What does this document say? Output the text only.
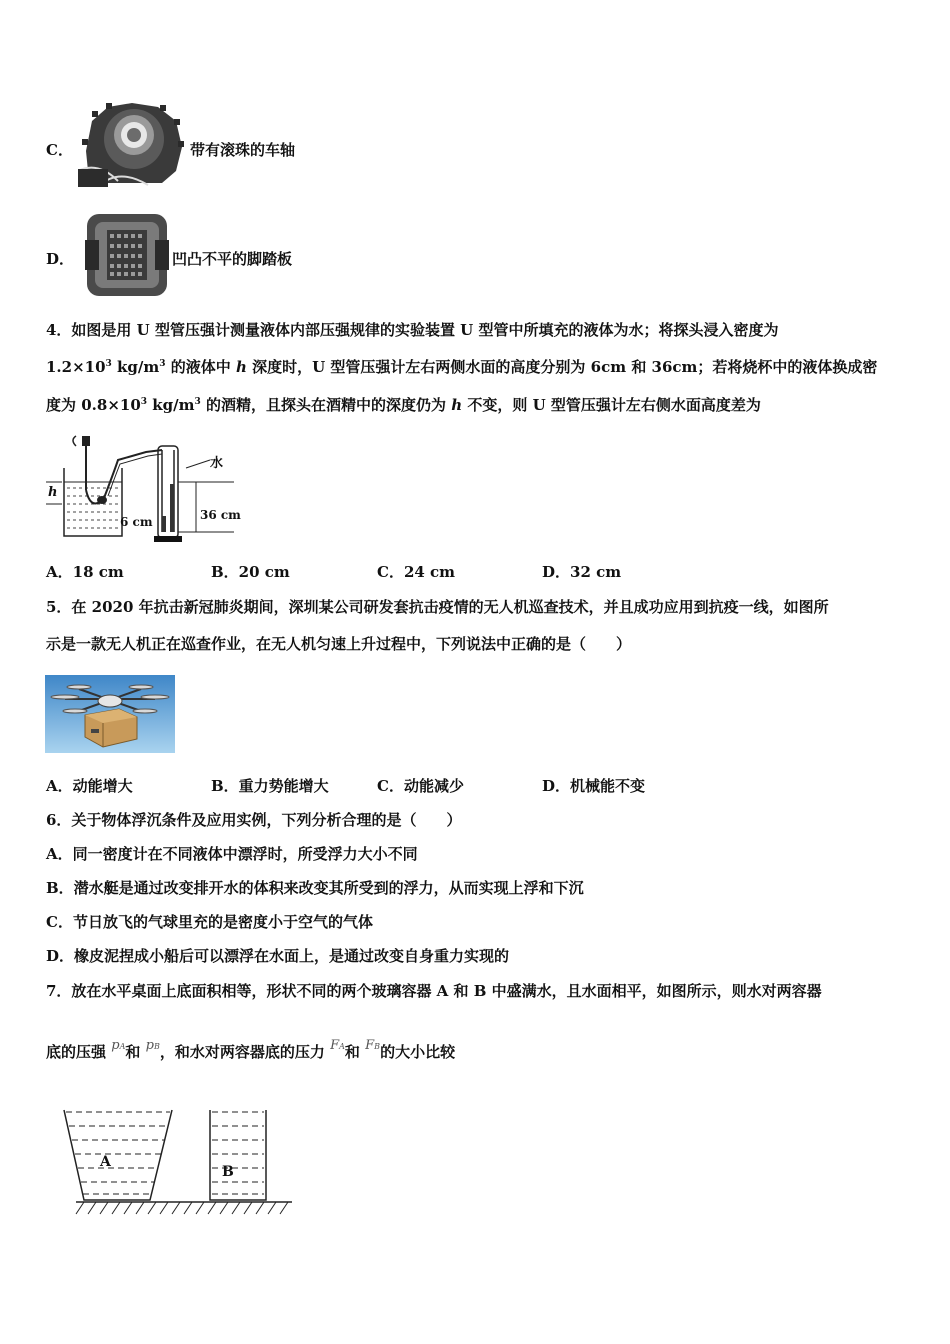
C．	带有滚珠的车轴
D．	凹凸不平的脚踏板
4．如图是用 U 型管压强计测量液体内部压强规律的实验装置 U 型管中所填充的液体为水；将探头浸入密度为
$1.2\times 10^3$ $kg/m^3$ 的液体中 h 深度时，U 型管压强计左右两侧水面的高度分别为 6cm 和 36cm；若将烧杯中的液体换成密
度为 $0.8\times 10^3$ $kg/m^3$ 的酒精，且探头在酒精中的深度仍为 h 不变，则 U 型管压强计左右侧水面高度差为
h
6 cm	36 cm
水
A．18 cm	B．20 cm	C．24 cm	D．32 cm
5．在 2020 年抗击新冠肺炎期间，深圳某公司研发套抗击疫情的无人机巡查技术，并且成功应用到抗疫一线，如图所
示是一款无人机正在巡查作业，在无人机匀速上升过程中，下列说法中正确的是（　　）
A．动能增大	B．重力势能增大	C．动能减少	D．机械能不变
6．关于物体浮沉条件及应用实例，下列分析合理的是（　　）
A．同一密度计在不同液体中漂浮时，所受浮力大小不同
B．潜水艇是通过改变排开水的体积来改变其所受到的浮力，从而实现上浮和下沉
C．节日放飞的气球里充的是密度小于空气的气体
D．橡皮泥捏成小船后可以漂浮在水面上，是通过改变自身重力实现的
7．放在水平桌面上底面积相等，形状不同的两个玻璃容器 A 和 B 中盛满水，且水面相平，如图所示，则水对两容器
底的压强 pA和 pB，和水对两容器底的压力 FA和 FB的大小比较
A
B
